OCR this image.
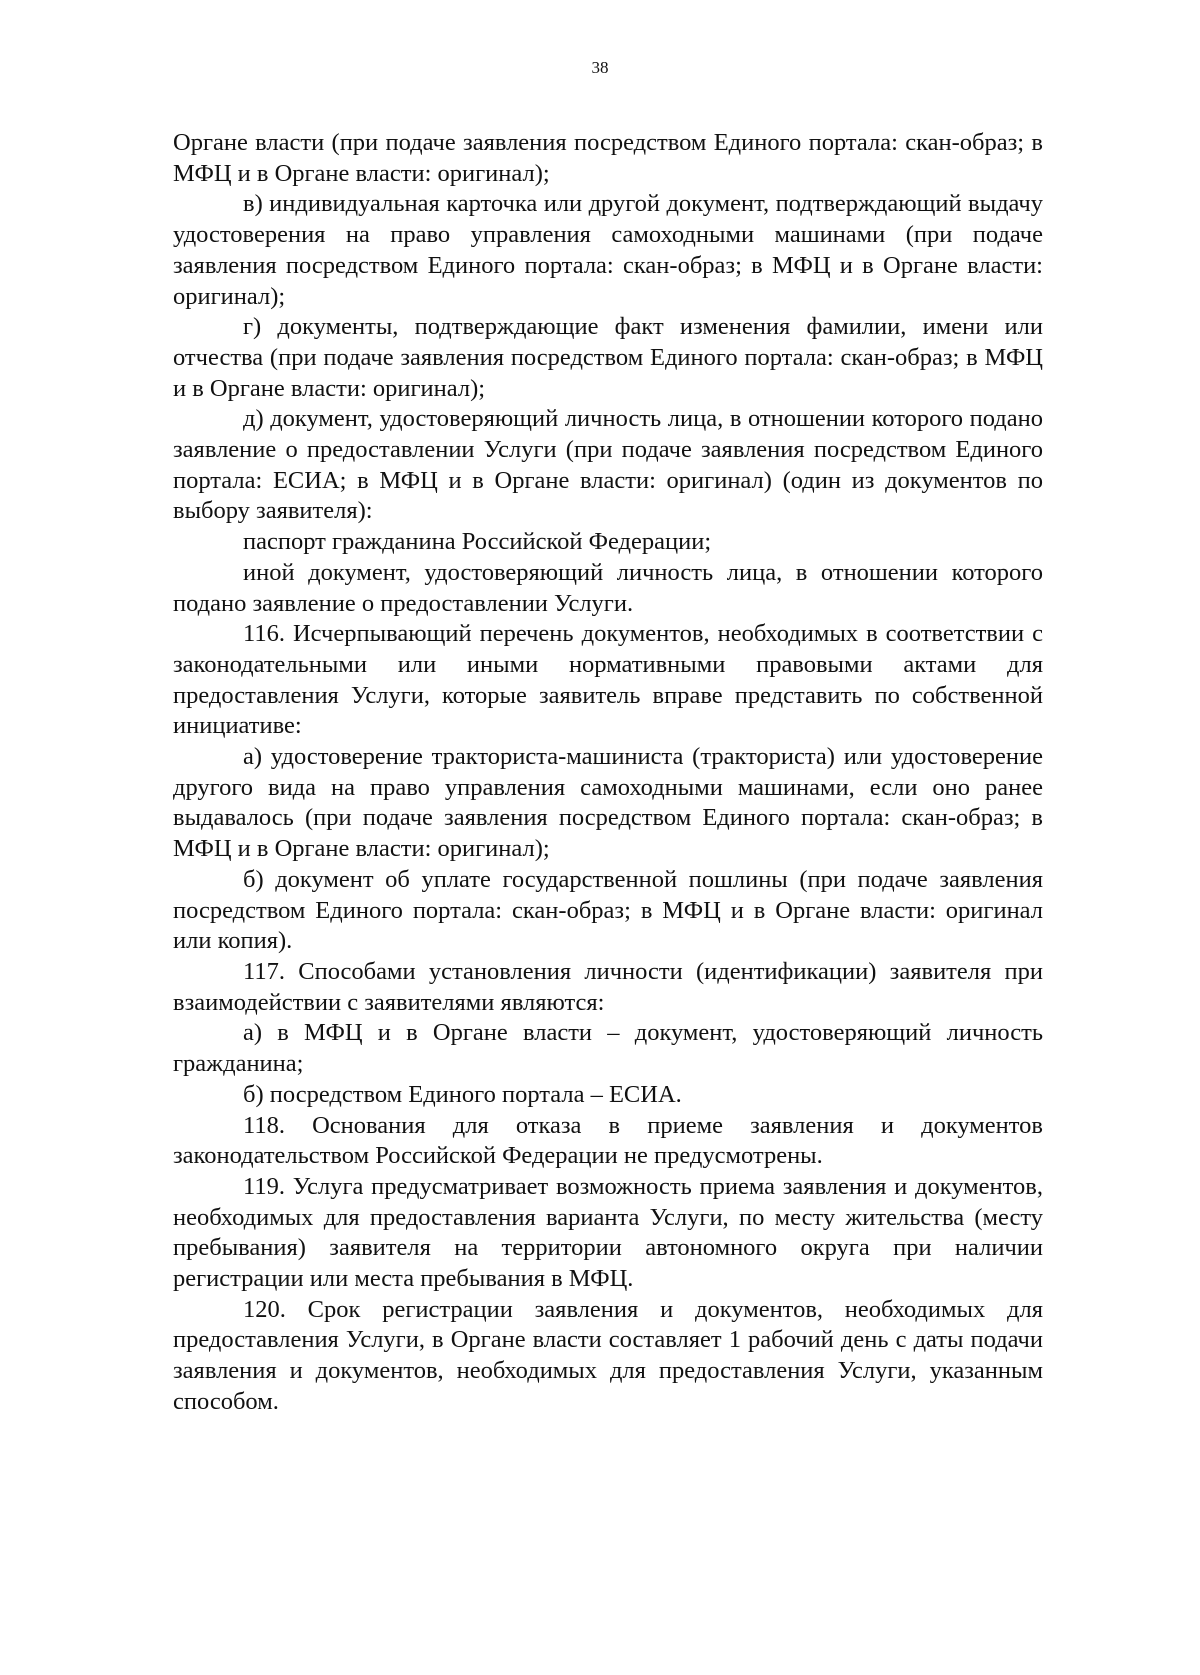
38

Органе власти (при подаче заявления посредством Единого портала: скан-образ; в МФЦ и в Органе власти: оригинал);

в) индивидуальная карточка или другой документ, подтверждающий выдачу удостоверения на право управления самоходными машинами (при подаче заявления посредством Единого портала: скан-образ; в МФЦ и в Органе власти: оригинал);

г) документы, подтверждающие факт изменения фамилии, имени или отчества (при подаче заявления посредством Единого портала: скан-образ; в МФЦ и в Органе власти: оригинал);

д) документ, удостоверяющий личность лица, в отношении которого подано заявление о предоставлении Услуги (при подаче заявления посредством Единого портала: ЕСИА; в МФЦ и в Органе власти: оригинал) (один из документов по выбору заявителя):

паспорт гражданина Российской Федерации;

иной документ, удостоверяющий личность лица, в отношении которого подано заявление о предоставлении Услуги.

116. Исчерпывающий перечень документов, необходимых в соответствии с законодательными или иными нормативными правовыми актами для предоставления Услуги, которые заявитель вправе представить по собственной инициативе:

а) удостоверение тракториста-машиниста (тракториста) или удостоверение другого вида на право управления самоходными машинами, если оно ранее выдавалось (при подаче заявления посредством Единого портала: скан-образ; в МФЦ и в Органе власти: оригинал);

б) документ об уплате государственной пошлины (при подаче заявления посредством Единого портала: скан-образ; в МФЦ и в Органе власти: оригинал или копия).

117. Способами установления личности (идентификации) заявителя при взаимодействии с заявителями являются:

а) в МФЦ и в Органе власти – документ, удостоверяющий личность гражданина;

б) посредством Единого портала – ЕСИА.

118. Основания для отказа в приеме заявления и документов законодательством Российской Федерации не предусмотрены.

119. Услуга предусматривает возможность приема заявления и документов, необходимых для предоставления варианта Услуги, по месту жительства (месту пребывания) заявителя на территории автономного округа при наличии регистрации или места пребывания в МФЦ.

120. Срок регистрации заявления и документов, необходимых для предоставления Услуги, в Органе власти составляет 1 рабочий день с даты подачи заявления и документов, необходимых для предоставления Услуги, указанным способом.
